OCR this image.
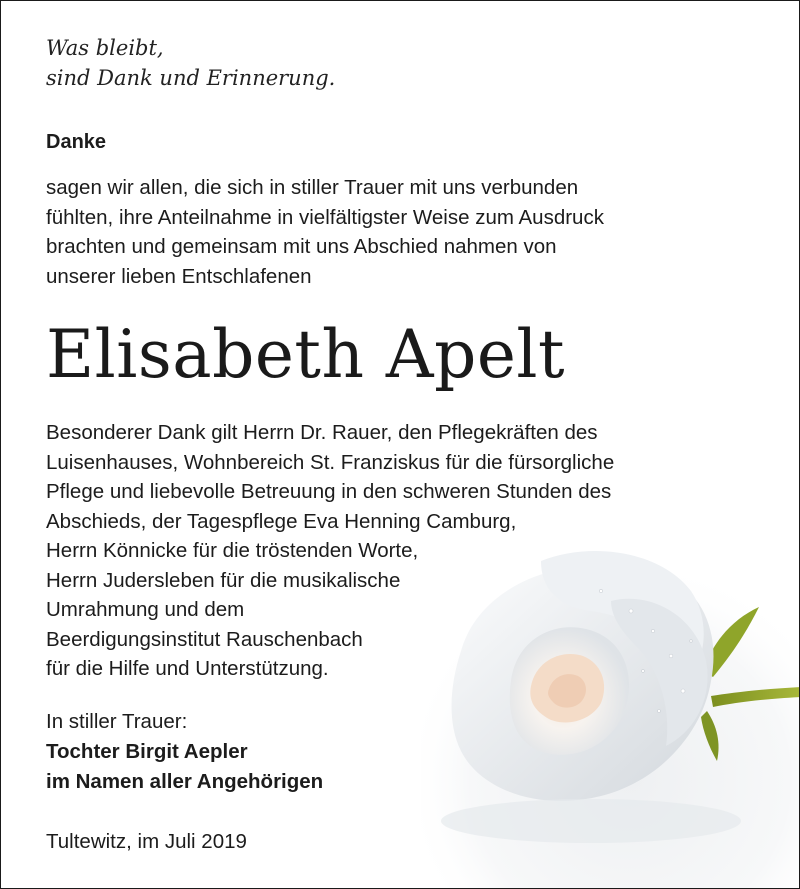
Was bleibt,
sind Dank und Erinnerung.
Danke
sagen wir allen, die sich in stiller Trauer mit uns verbunden
fühlten, ihre Anteilnahme in vielfältigster Weise zum Ausdruck
brachten und gemeinsam mit uns Abschied nahmen von
unserer lieben Entschlafenen
Elisabeth Apelt
Besonderer Dank gilt Herrn Dr. Rauer, den Pflegekräften des
Luisenhauses, Wohnbereich St. Franziskus für die fürsorgliche
Pflege und liebevolle Betreuung in den schweren Stunden des
Abschieds, der Tagespflege Eva Henning Camburg,
Herrn Könnicke für die tröstenden Worte,
Herrn Judersleben für die musikalische
Umrahmung und dem
Beerdigungsinstitut Rauschenbach
für die Hilfe und Unterstützung.
In stiller Trauer:
Tochter Birgit Aepler
im Namen aller Angehörigen
Tultewitz, im Juli 2019
